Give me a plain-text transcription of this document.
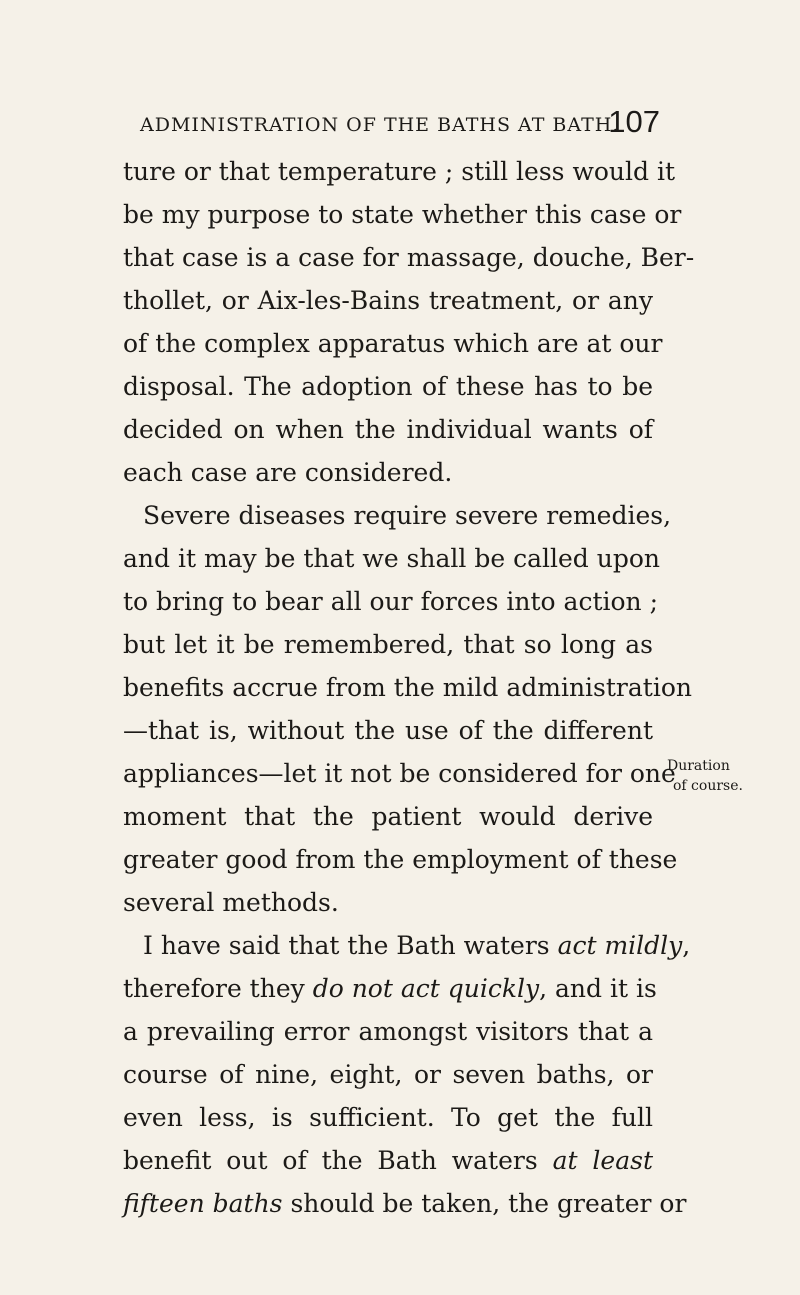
ADMINISTRATION OF THE BATHS AT BATH.
107
ture or that temperature ; still less would it
be my purpose to state whether this case or
that case is a case for massage, douche, Ber-
thollet, or Aix-les-Bains treatment, or any
of the complex apparatus which are at our
disposal. The adoption of these has to be
decided on when the individual wants of
each case are considered.
Severe diseases require severe remedies,
and it may be that we shall be called upon
to bring to bear all our forces into action ;
but let it be remembered, that so long as
benefits accrue from the mild administration
—that is, without the use of the different
appliances—let it not be considered for one
moment that the patient would derive
greater good from the employment of these
several methods.
I have said that the Bath waters act mildly,
therefore they do not act quickly, and it is
a prevailing error amongst visitors that a
course of nine, eight, or seven baths, or
even less, is sufficient. To get the full
benefit out of the Bath waters at least
fifteen baths should be taken, the greater or
Duration
of course.
